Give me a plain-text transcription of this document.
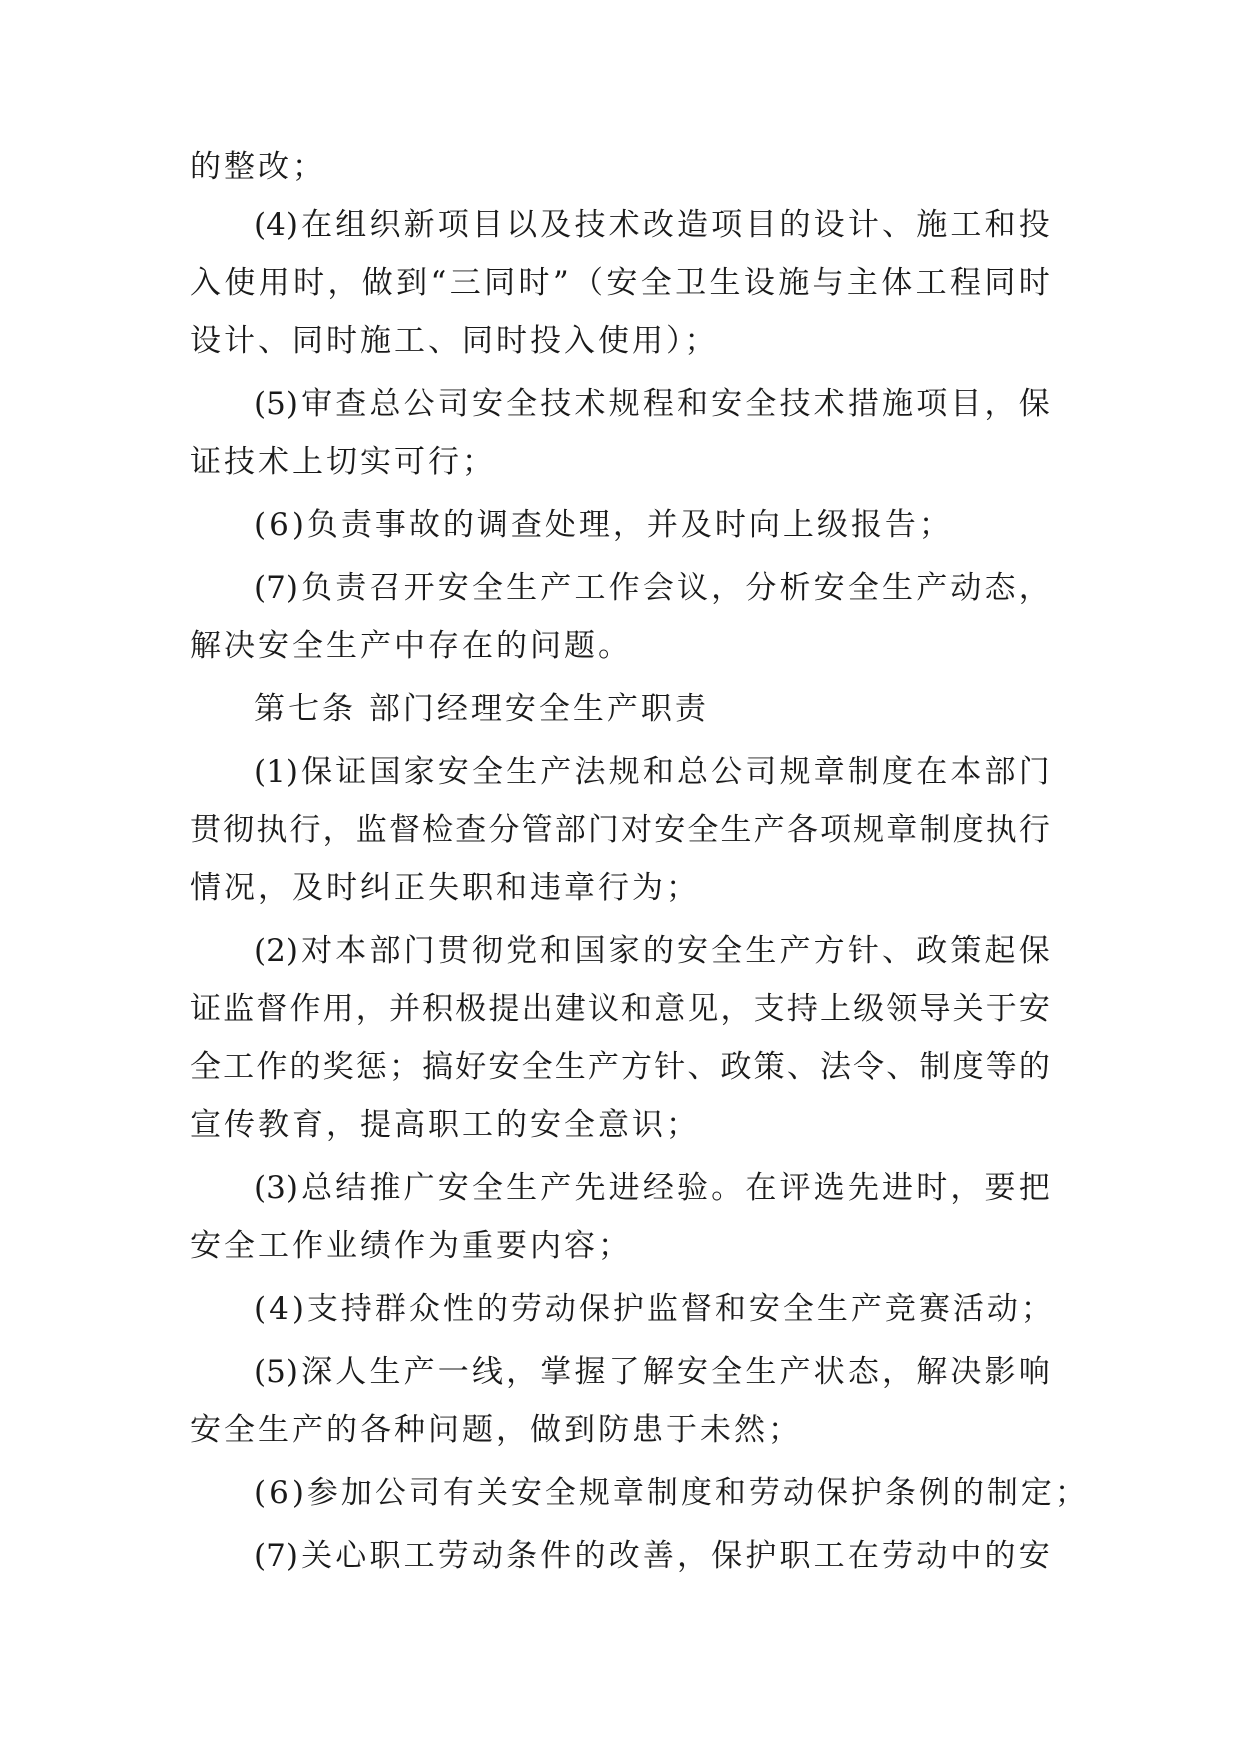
的整改；
(4) 在 组 织 新 项 目 以 及 技 术 改 造 项 目 的 设 计 、 施 工 和 投
入 使 用 时 ， 做 到 “ 三 同 时 ” （ 安 全 卫 生 设 施 与 主 体 工 程 同 时
设计、同时施工、同时投入使用）；
(5) 审 查 总 公 司 安 全 技 术 规 程 和 安 全 技 术 措 施 项 目 ， 保
证技术上切实可行；
(6)负责事故的调查处理，并及时向上级报告；
(7) 负 责 召 开 安 全 生 产 工 作 会 议 ， 分 析 安 全 生 产 动 态 ，
解决安全生产中存在的问题。
第七条 部门经理安全生产职责
(1) 保 证 国 家 安 全 生 产 法 规 和 总 公 司 规 章 制 度 在 本 部 门
贯 彻 执 行 ， 监 督 检 查 分 管 部 门 对 安 全 生 产 各 项 规 章 制 度 执 行
情况，及时纠正失职和违章行为；
(2) 对 本 部 门 贯 彻 党 和 国 家 的 安 全 生 产 方 针 、 政 策 起 保
证 监 督 作 用 ， 并 积 极 提 出 建 议 和 意 见 ， 支 持 上 级 领 导 关 于 安
全 工 作 的 奖 惩 ； 搞 好 安 全 生 产 方 针 、 政 策 、 法 令 、 制 度 等 的
宣传教育，提高职工的安全意识；
(3) 总 结 推 广 安 全 生 产 先 进 经 验 。 在 评 选 先 进 时 ， 要 把
安全工作业绩作为重要内容；
(4)支持群众性的劳动保护监督和安全生产竞赛活动；
(5) 深 人 生 产 一 线 ， 掌 握 了 解 安 全 生 产 状 态 ， 解 决 影 响
安全生产的各种问题，做到防患于未然；
(6)参加公司有关安全规章制度和劳动保护条例的制定；
(7) 关 心 职 工 劳 动 条 件 的 改 善 ， 保 护 职 工 在 劳 动 中 的 安
